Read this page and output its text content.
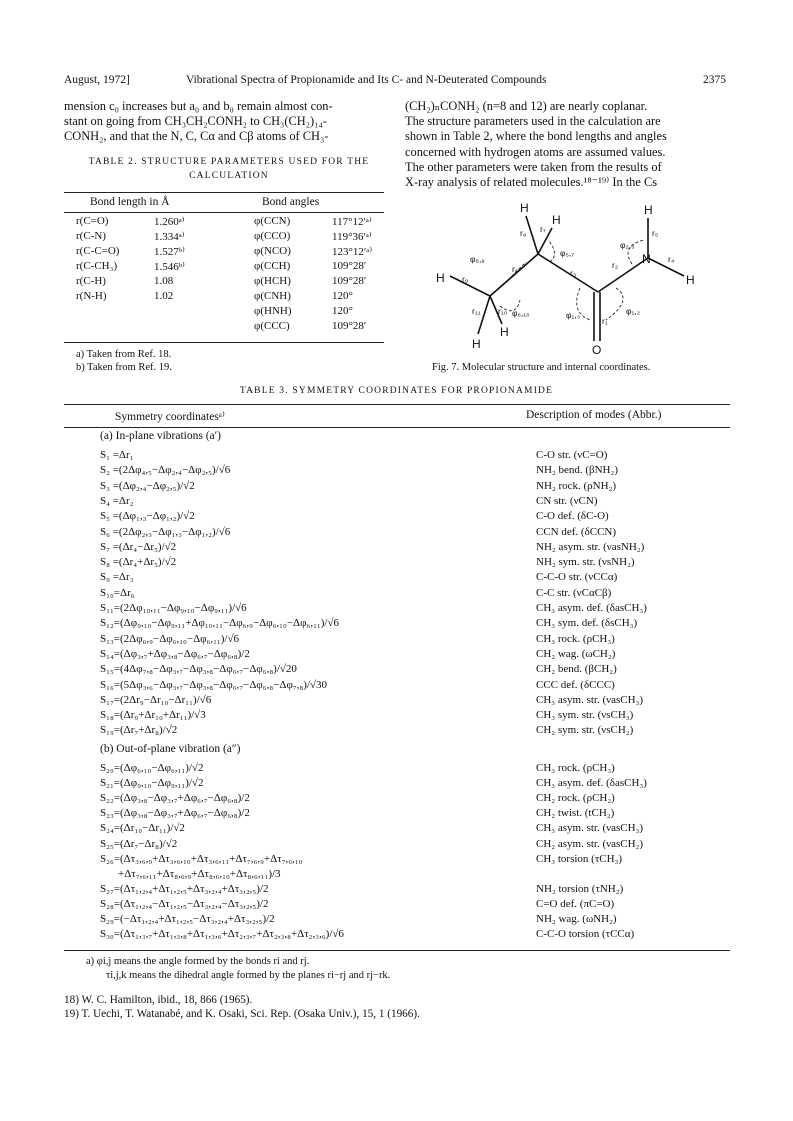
August, 1972]	Vibrational Spectra of Propionamide and Its C- and N-Deuterated Compounds	2375
mension c₀ increases but a₀ and b₀ remain almost con-
stant on going from CH₃CH₂CONH₂ to CH₃(CH₂)₁₄-
CONH₂, and that the N, C, Cα and Cβ atoms of CH₃-
(CH₂)ₙCONH₂ (n=8 and 12) are nearly coplanar.
The structure parameters used in the calculation are
shown in Table 2, where the bond lengths and angles
concerned with hydrogen atoms are assumed values.
The other parameters were taken from the results of
X-ray analysis of related molecules.¹⁸⁻¹⁹⁾ In the Cs
TABLE 2. STRUCTURE PARAMETERS USED FOR THE
CALCULATION
Bond length in Å	Bond angles
r(C=O)	1.260ᵃ⁾	φ(CCN)	117°12′ᵃ⁾
r(C-N)	1.334ᵃ⁾	φ(CCO)	119°36′ᵃ⁾
r(C-C=O)	1.527ᵇ⁾	φ(NCO)	123°12′ᵃ⁾
r(C-CH₃)	1.546ᵇ⁾	φ(CCH)	109°28′
r(C-H)	1.08	φ(HCH)	109°28′
r(N-H)	1.02	φ(CNH)	120°
		φ(HNH)	120°
		φ(CCC)	109°28′
a) Taken from Ref. 18.
b) Taken from Ref. 19.
H
H
H
N
H
H
H
H
O
r₉
r₆
r₁₁ r₁₀
r₈ r₇
r₃
r₂
r₁
r₅
r₄
φ₆,₉
φ₆,₁₀
φ₅,₇
φ₂,₅
φ₁,₃	φ₁,₂
Fig. 7. Molecular structure and internal coordinates.
TABLE 3. SYMMETRY COORDINATES FOR PROPIONAMIDE
Symmetry coordinatesᵃ⁾	Description of modes (Abbr.)
(a) In-plane vibrations (a′)
S₁ =Δr₁	C-O str. (νC=O)
S₂ =(2Δφ₄,₅−Δφ₂,₄−Δφ₂,₅)/√6	NH₂ bend. (βNH₂)
S₃ =(Δφ₂,₄−Δφ₂,₅)/√2	NH₂ rock. (ρNH₂)
S₄ =Δr₂	CN str. (νCN)
S₅ =(Δφ₁,₃−Δφ₁,₂)/√2	C-O def. (δC-O)
S₆ =(2Δφ₂,₃−Δφ₁,₃−Δφ₁,₂)/√6	CCN def. (δCCN)
S₇ =(Δr₄−Δr₅)/√2	NH₂ asym. str. (νasNH₂)
S₈ =(Δr₄+Δr₅)/√2	NH₂ sym. str. (νsNH₂)
S₉ =Δr₃	C-C-O str. (νCCα)
S₁₀=Δr₆	C-C str. (νCαCβ)
S₁₁=(2Δφ₁₀,₁₁−Δφ₉,₁₀−Δφ₉,₁₁)/√6	CH₃ asym. def. (δasCH₃)
S₁₂=(Δφ₉,₁₀−Δφ₉,₁₁+Δφ₁₀,₁₁−Δφ₆,₉−Δφ₆,₁₀−Δφ₆,₁₁)/√6	CH₃ sym. def. (δsCH₃)
S₁₃=(2Δφ₆,₉−Δφ₆,₁₀−Δφ₆,₁₁)/√6	CH₃ rock. (ρCH₃)
S₁₄=(Δφ₃,₇+Δφ₃,₈−Δφ₆,₇−Δφ₆,₈)/2	CH₂ wag. (ωCH₂)
S₁₅=(4Δφ₇,₈−Δφ₃,₇−Δφ₃,₈−Δφ₆,₇−Δφ₆,₈)/√20	CH₂ bend. (βCH₂)
S₁₆=(5Δφ₃,₆−Δφ₃,₇−Δφ₃,₈−Δφ₆,₇−Δφ₆,₈−Δφ₇,₈)/√30	CCC def. (δCCC)
S₁₇=(2Δr₉−Δr₁₀−Δr₁₁)/√6	CH₃ asym. str. (νasCH₃)
S₁₈=(Δr₉+Δr₁₀+Δr₁₁)/√3	CH₃ sym. str. (νsCH₃)
S₁₉=(Δr₇+Δr₈)/√2	CH₂ sym. str. (νsCH₂)
(b) Out-of-plane vibration (a″)
S₂₀=(Δφ₆,₁₀−Δφ₆,₁₁)/√2	CH₃ rock. (ρCH₃)
S₂₁=(Δφ₉,₁₀−Δφ₉,₁₁)/√2	CH₃ asym. def. (δasCH₃)
S₂₂=(Δφ₃,₈−Δφ₃,₇+Δφ₆,₇−Δφ₆,₈)/2	CH₂ rock. (ρCH₂)
S₂₃=(Δφ₃,₈−Δφ₃,₇+Δφ₆,₇−Δφ₆,₈)/2	CH₂ twist. (tCH₂)
S₂₄=(Δr₁₀−Δr₁₁)/√2	CH₃ asym. str. (νasCH₃)
S₂₅=(Δr₇−Δr₈)/√2	CH₂ asym. str. (νasCH₂)
S₂₆=(Δτ₃,₆,₉+Δτ₃,₆,₁₀+Δτ₃,₆,₁₁+Δτ₇,₆,₉+Δτ₇,₆,₁₀	CH₃ torsion (τCH₃)
+Δτ₇,₆,₁₁+Δτ₈,₆,₉+Δτ₈,₆,₁₀+Δτ₈,₆,₁₁)/3
S₂₇=(Δτ₁,₂,₄+Δτ₁,₂,₅+Δτ₃,₂,₄+Δτ₃,₂,₅)/2	NH₂ torsion (τNH₂)
S₂₈=(Δτ₁,₂,₄−Δτ₁,₂,₅−Δτ₃,₂,₄−Δτ₃,₂,₅)/2	C=O def. (πC=O)
S₂₉=(−Δτ₁,₂,₄+Δτ₁,₂,₅−Δτ₃,₂,₄+Δτ₃,₂,₅)/2	NH₂ wag. (ωNH₂)
S₃₀=(Δτ₁,₃,₇+Δτ₁,₃,₈+Δτ₁,₃,₆+Δτ₂,₃,₇+Δτ₂,₃,₈+Δτ₂,₃,₆)/√6	C-C-O torsion (τCCα)
a) φi,j means the angle formed by the bonds ri and rj.
τi,j,k means the dihedral angle formed by the planes ri−rj and rj−rk.
18) W. C. Hamilton, ibid., 18, 866 (1965).
19) T. Uechi, T. Watanabé, and K. Osaki, Sci. Rep. (Osaka Univ.), 15, 1 (1966).
